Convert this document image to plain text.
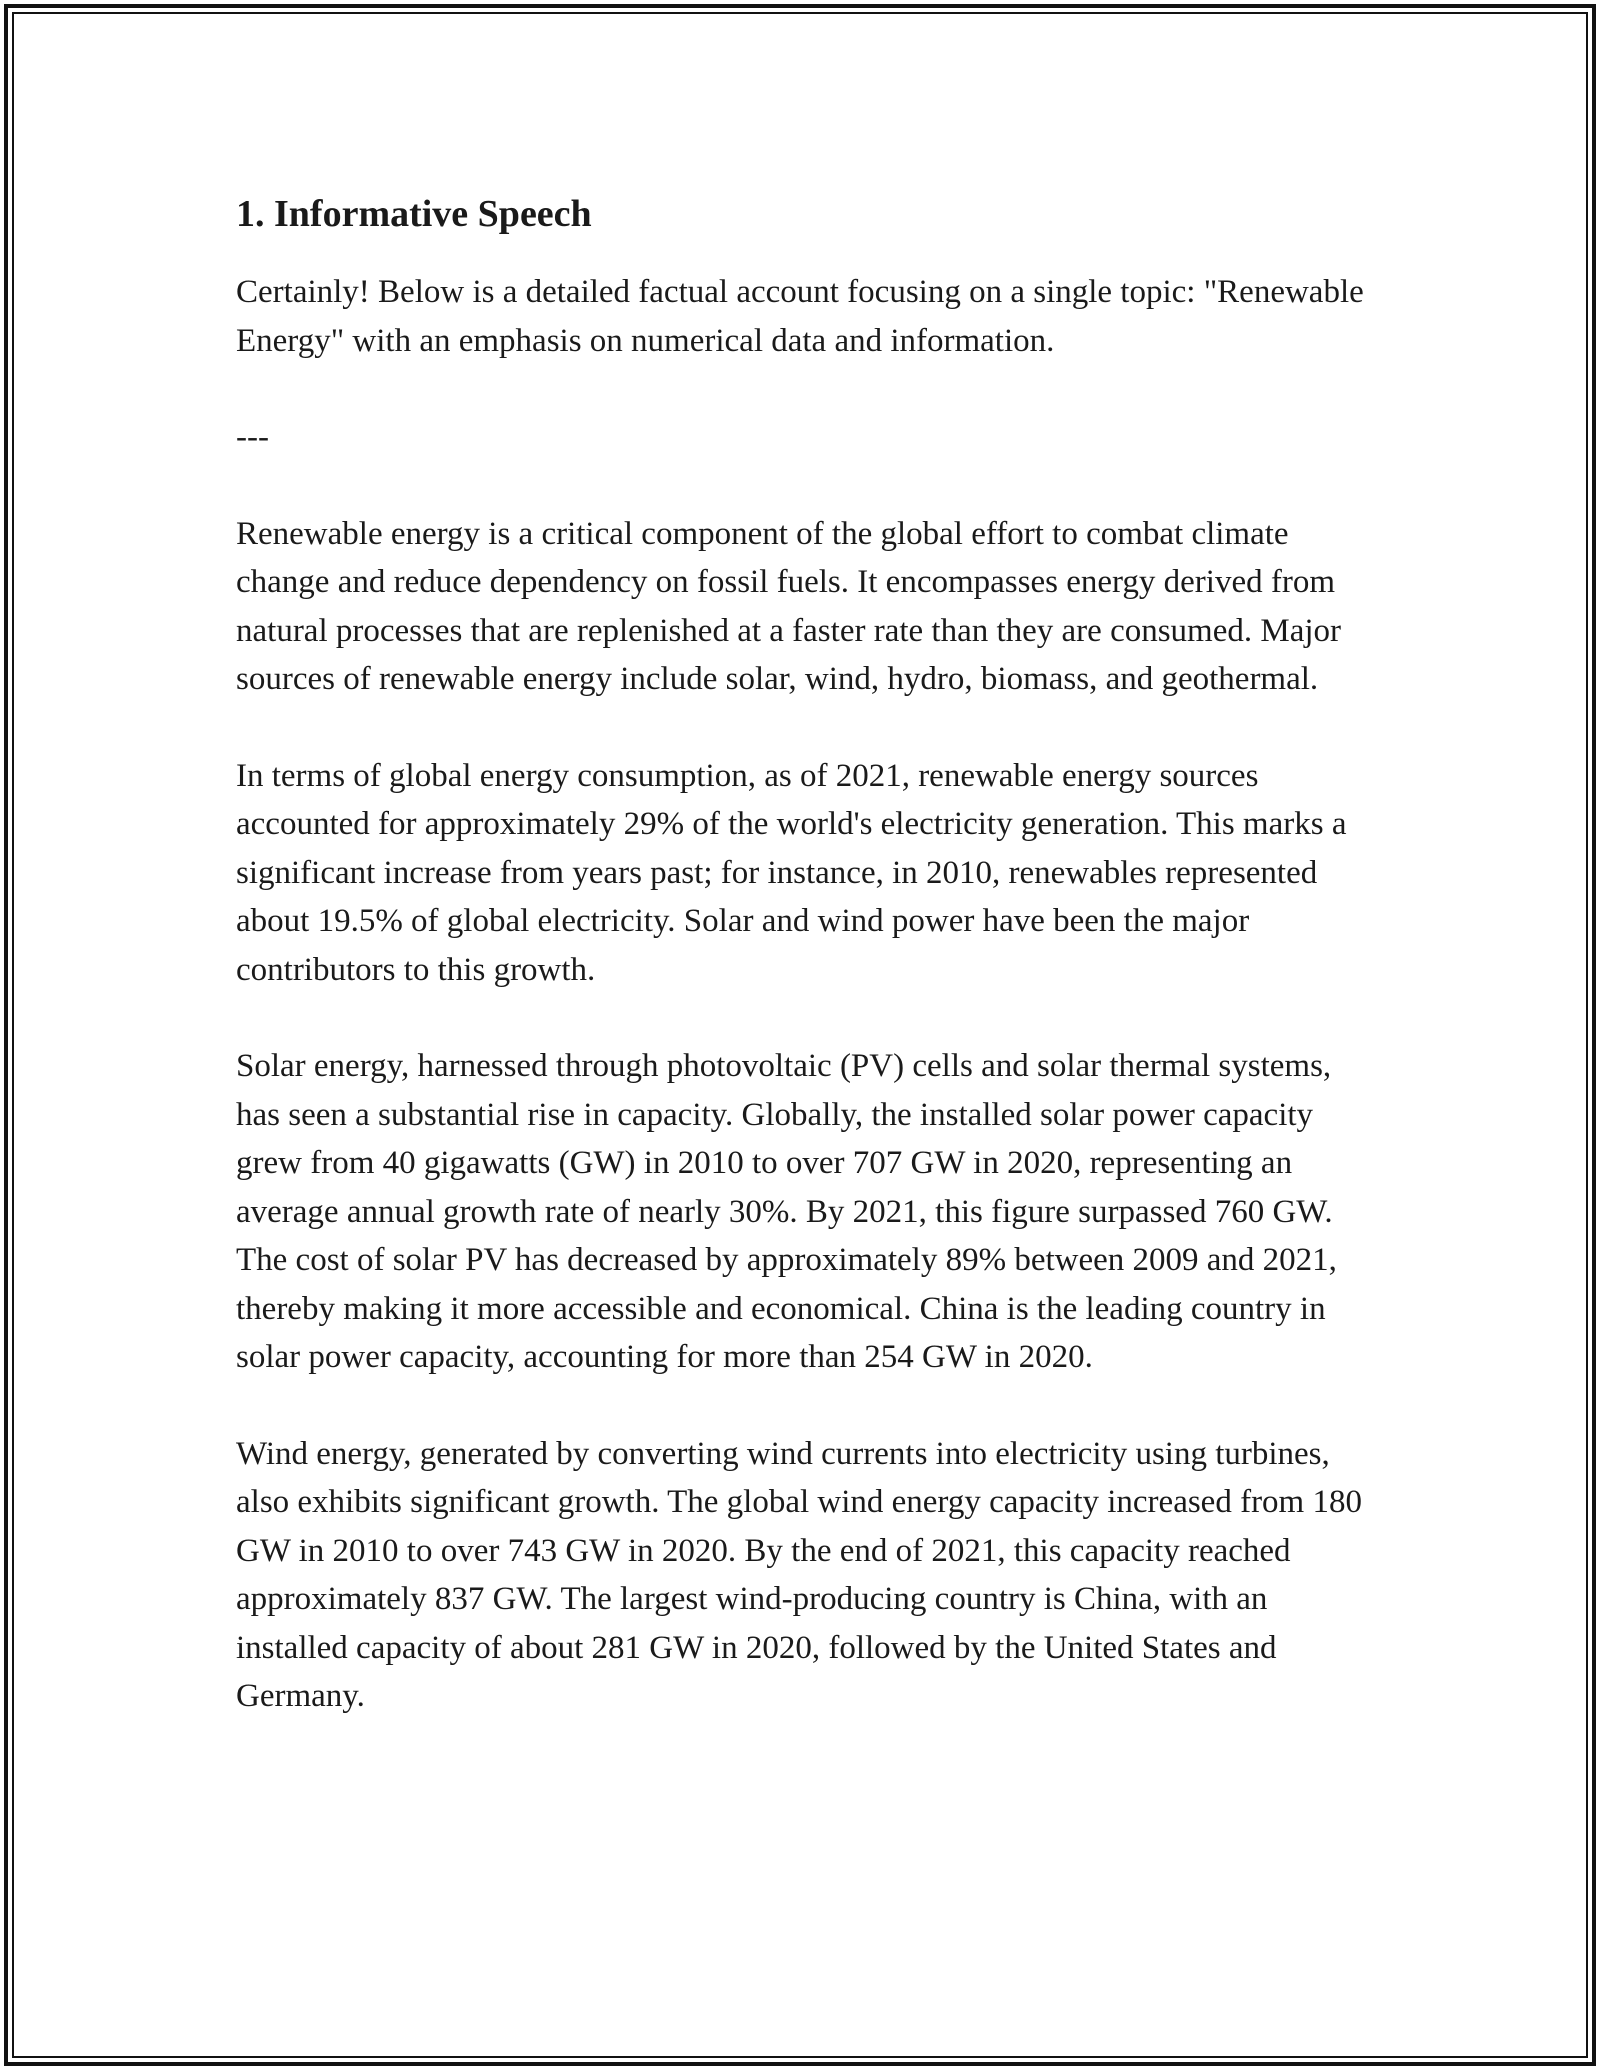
1. Informative Speech

Certainly! Below is a detailed factual account focusing on a single topic: "Renewable Energy" with an emphasis on numerical data and information.

---

Renewable energy is a critical component of the global effort to combat climate change and reduce dependency on fossil fuels. It encompasses energy derived from natural processes that are replenished at a faster rate than they are consumed. Major sources of renewable energy include solar, wind, hydro, biomass, and geothermal.

In terms of global energy consumption, as of 2021, renewable energy sources accounted for approximately 29% of the world's electricity generation. This marks a significant increase from years past; for instance, in 2010, renewables represented about 19.5% of global electricity. Solar and wind power have been the major contributors to this growth.

Solar energy, harnessed through photovoltaic (PV) cells and solar thermal systems, has seen a substantial rise in capacity. Globally, the installed solar power capacity grew from 40 gigawatts (GW) in 2010 to over 707 GW in 2020, representing an average annual growth rate of nearly 30%. By 2021, this figure surpassed 760 GW. The cost of solar PV has decreased by approximately 89% between 2009 and 2021, thereby making it more accessible and economical. China is the leading country in solar power capacity, accounting for more than 254 GW in 2020.

Wind energy, generated by converting wind currents into electricity using turbines, also exhibits significant growth. The global wind energy capacity increased from 180 GW in 2010 to over 743 GW in 2020. By the end of 2021, this capacity reached approximately 837 GW. The largest wind-producing country is China, with an installed capacity of about 281 GW in 2020, followed by the United States and Germany.
